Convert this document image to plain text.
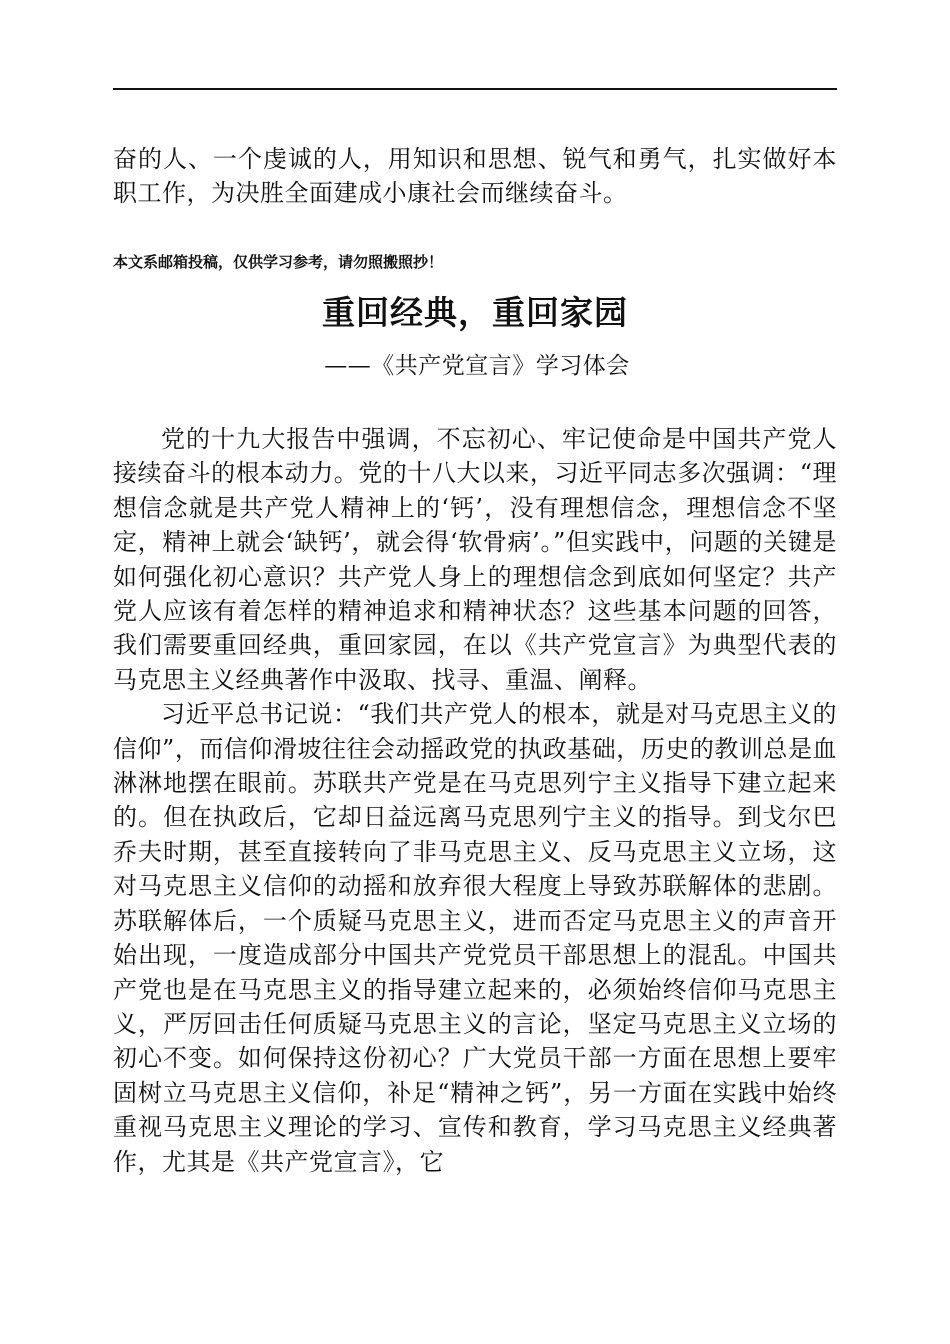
奋的人、一个虔诚的人，用知识和思想、锐气和勇气，扎实做好本职工作，为决胜全面建成小康社会而继续奋斗。
本文系邮箱投稿，仅供学习参考，请勿照搬照抄！
重回经典，重回家园
——《共产党宣言》学习体会

党的十九大报告中强调，不忘初心、牢记使命是中国共产党人接续奋斗的根本动力。党的十八大以来，习近平同志多次强调：“理想信念就是共产党人精神上的‘钙’，没有理想信念，理想信念不坚定，精神上就会‘缺钙’，就会得‘软骨病’。”但实践中，问题的关键是如何强化初心意识？共产党人身上的理想信念到底如何坚定？共产党人应该有着怎样的精神追求和精神状态？这些基本问题的回答，我们需要重回经典，重回家园，在以《共产党宣言》为典型代表的马克思主义经典著作中汲取、找寻、重温、阐释。

习近平总书记说：“我们共产党人的根本，就是对马克思主义的信仰”，而信仰滑坡往往会动摇政党的执政基础，历史的教训总是血淋淋地摆在眼前。苏联共产党是在马克思列宁主义指导下建立起来的。但在执政后，它却日益远离马克思列宁主义的指导。到戈尔巴乔夫时期，甚至直接转向了非马克思主义、反马克思主义立场，这对马克思主义信仰的动摇和放弃很大程度上导致苏联解体的悲剧。苏联解体后，一个质疑马克思主义，进而否定马克思主义的声音开始出现，一度造成部分中国共产党党员干部思想上的混乱。中国共产党也是在马克思主义的指导建立起来的，必须始终信仰马克思主义，严厉回击任何质疑马克思主义的言论，坚定马克思主义立场的初心不变。如何保持这份初心？广大党员干部一方面在思想上要牢固树立马克思主义信仰，补足“精神之钙”，另一方面在实践中始终重视马克思主义理论的学习、宣传和教育，学习马克思主义经典著作，尤其是《共产党宣言》，它
